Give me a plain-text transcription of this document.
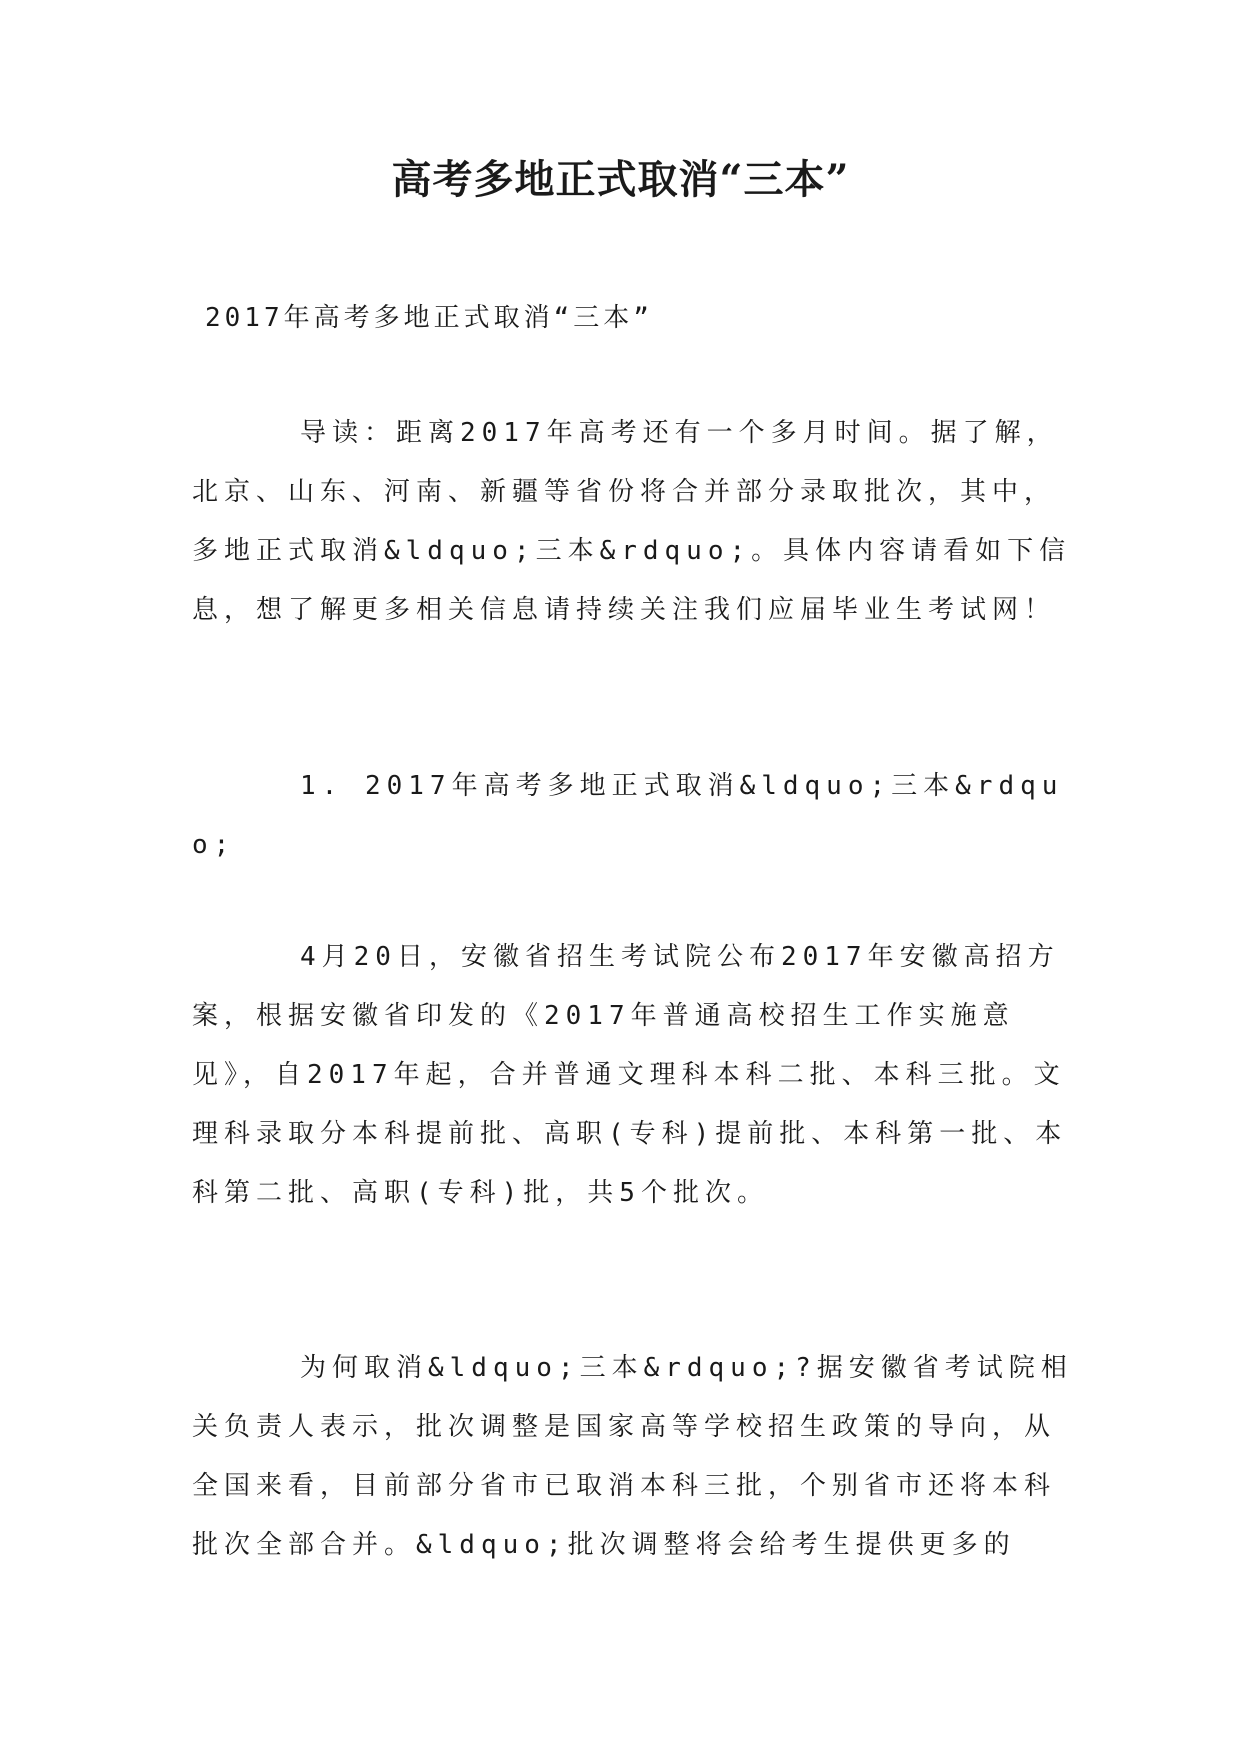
高考多地正式取消“三本”

2017年高考多地正式取消“三本”

导读：距离2017年高考还有一个多月时间。据了解，北京、山东、河南、新疆等省份将合并部分录取批次，其中，多地正式取消&ldquo;三本&rdquo;。具体内容请看如下信息，想了解更多相关信息请持续关注我们应届毕业生考试网！

1. 2017年高考多地正式取消&ldquo;三本&rdquo;

4月20日，安徽省招生考试院公布2017年安徽高招方案，根据安徽省印发的《2017年普通高校招生工作实施意见》，自2017年起，合并普通文理科本科二批、本科三批。文理科录取分本科提前批、高职(专科)提前批、本科第一批、本科第二批、高职(专科)批，共5个批次。

为何取消&ldquo;三本&rdquo;?据安徽省考试院相关负责人表示，批次调整是国家高等学校招生政策的导向，从全国来看，目前部分省市已取消本科三批，个别省市还将本科批次全部合并。&ldquo;批次调整将会给考生提供更多的
